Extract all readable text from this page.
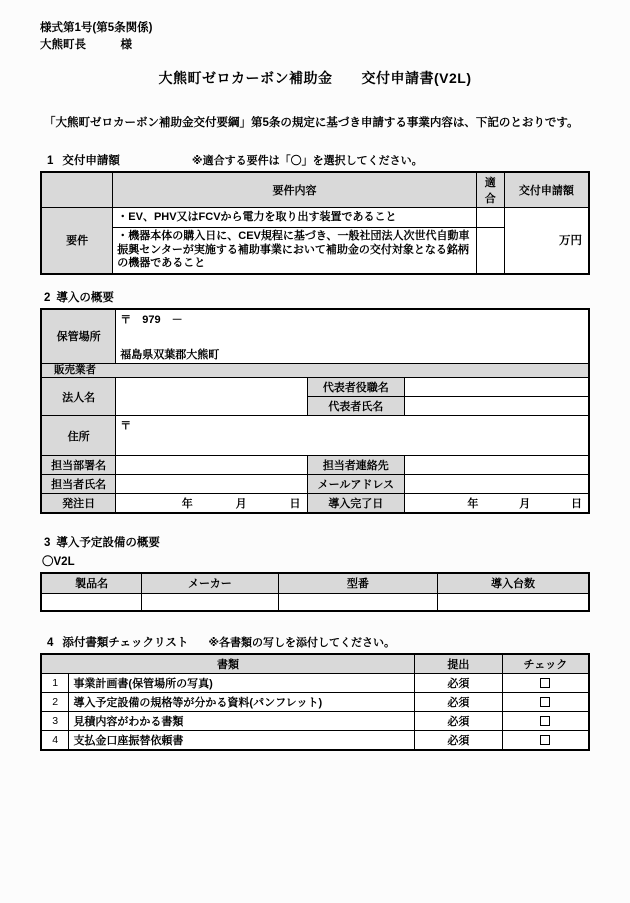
様式第1号(第5条関係)
大熊町長　　　様
大熊町ゼロカーボン補助金　　交付申請書(V2L)
「大熊町ゼロカーボン補助金交付要綱」第5条の規定に基づき申請する事業内容は、下記のとおりです。
1 交付申請額	※適合する要件は「〇」を選択してください。
	要件内容	適合	交付申請額
要件	・EV、PHV又はFCVから電力を取り出す装置であること		万円
	・機器本体の購入日に、CEV規程に基づき、一般社団法人次世代自動車振興センターが実施する補助事業において補助金の交付対象となる銘柄の機器であること		
2 導入の概要
保管場所	〒　979　－
福島県双葉郡大熊町		

販売業者			
法人名		代表者役職名	
		代表者氏名	
住所	〒		
担当部署名		担当者連絡先	
担当者氏名		メールアドレス	
発注日	年 月 日	導入完了日	年 月 日
3 導入予定設備の概要
〇V2L
製品名	メーカー	型番	導入台数

4 添付書類チェックリスト ※各書類の写しを添付してください。
書類		提出	チェック
1	事業計画書(保管場所の写真)	必須	
2	導入予定設備の規格等が分かる資料(パンフレット)	必須	
3	見積内容がわかる書類	必須	
4	支払金口座振替依頼書	必須	
